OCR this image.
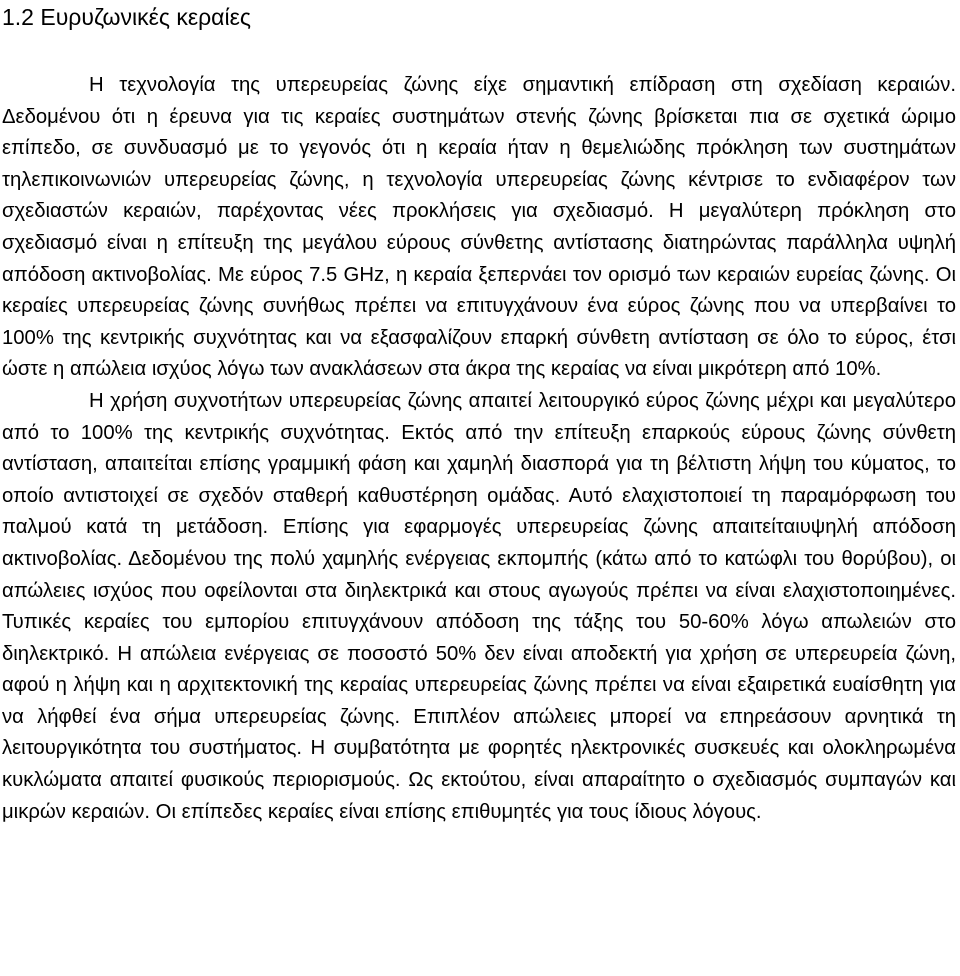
1.2 Ευρυζωνικές κεραίες

Η τεχνολογία της υπερευρείας ζώνης είχε σημαντική επίδραση στη σχεδίαση κεραιών. Δεδομένου ότι η έρευνα για τις κεραίες συστημάτων στενής ζώνης βρίσκεται πια σε σχετικά ώριμο επίπεδο, σε συνδυασμό με το γεγονός ότι η κεραία ήταν η θεμελιώδης πρόκληση των συστημάτων τηλεπικοινωνιών υπερευρείας ζώνης, η τεχνολογία υπερευρείας ζώνης κέντρισε το ενδιαφέρον των σχεδιαστών κεραιών, παρέχοντας νέες προκλήσεις για σχεδιασμό. Η μεγαλύτερη πρόκληση στο σχεδιασμό είναι η επίτευξη της μεγάλου εύρους σύνθετης αντίστασης διατηρώντας παράλληλα υψηλή απόδοση ακτινοβολίας. Με εύρος 7.5 GHz, η κεραία ξεπερνάει τον ορισμό των κεραιών ευρείας ζώνης. Οι κεραίες υπερευρείας ζώνης συνήθως πρέπει να επιτυγχάνουν ένα εύρος ζώνης που να υπερβαίνει το 100% της κεντρικής συχνότητας και να εξασφαλίζουν επαρκή σύνθετη αντίσταση σε όλο το εύρος, έτσι ώστε η απώλεια ισχύος λόγω των ανακλάσεων στα άκρα της κεραίας να είναι μικρότερη από 10%.

Η χρήση συχνοτήτων υπερευρείας ζώνης απαιτεί λειτουργικό εύρος ζώνης μέχρι και μεγαλύτερο από το 100% της κεντρικής συχνότητας. Εκτός από την επίτευξη επαρκούς εύρους ζώνης σύνθετη αντίσταση, απαιτείται επίσης γραμμική φάση και χαμηλή διασπορά για τη βέλτιστη λήψη του κύματος, το οποίο αντιστοιχεί σε σχεδόν σταθερή καθυστέρηση ομάδας. Αυτό ελαχιστοποιεί τη παραμόρφωση του παλμού κατά τη μετάδοση. Επίσης για εφαρμογές υπερευρείας ζώνης απαιτείταιυψηλή απόδοση ακτινοβολίας. Δεδομένου της πολύ χαμηλής ενέργειας εκπομπής (κάτω από το κατώφλι του θορύβου), οι απώλειες ισχύος που οφείλονται στα διηλεκτρικά και στους αγωγούς πρέπει να είναι ελαχιστοποιημένες. Τυπικές κεραίες του εμπορίου επιτυγχάνουν απόδοση της τάξης του 50-60% λόγω απωλειών στο διηλεκτρικό. Η απώλεια ενέργειας σε ποσοστό 50% δεν είναι αποδεκτή για χρήση σε υπερευρεία ζώνη, αφού η λήψη και η αρχιτεκτονική της κεραίας υπερευρείας ζώνης πρέπει να είναι εξαιρετικά ευαίσθητη για να λήφθεί ένα σήμα υπερευρείας ζώνης. Επιπλέον απώλειες μπορεί να επηρεάσουν αρνητικά τη λειτουργικότητα του συστήματος. Η συμβατότητα με φορητές ηλεκτρονικές συσκευές και ολοκληρωμένα κυκλώματα απαιτεί φυσικούς περιορισμούς. Ως εκτούτου, είναι απαραίτητο ο σχεδιασμός συμπαγών και μικρών κεραιών. Οι επίπεδες κεραίες είναι επίσης επιθυμητές για τους ίδιους λόγους.
